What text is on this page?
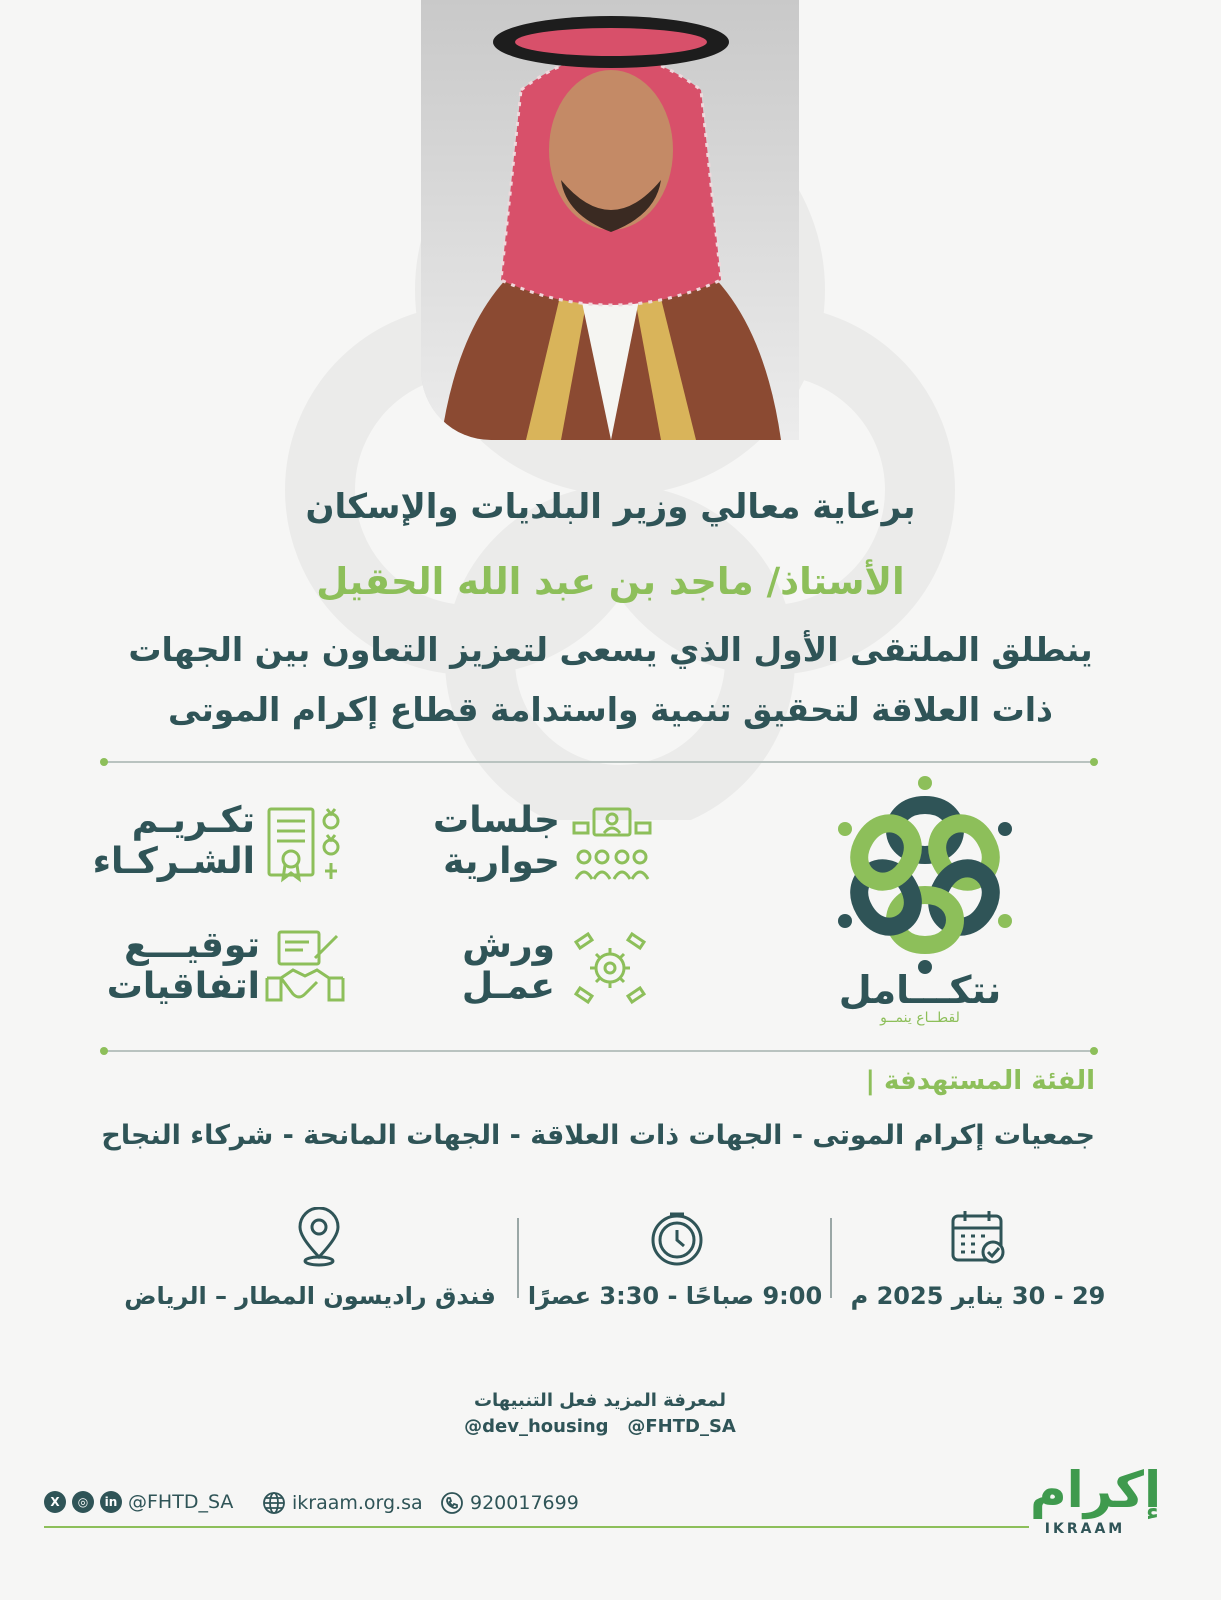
برعاية معالي وزير البلديات والإسكان
الأستاذ/ ماجد بن عبد الله الحقيل
ينطلق الملتقى الأول الذي يسعى لتعزيز التعاون بين الجهات
ذات العلاقة لتحقيق تنمية واستدامة قطاع إكرام الموتى
نتكـــامل
لقطــاع ينمــو
جلسات
حوارية
تكـريـم
الشـركـاء
ورش
عمـل
توقيـــع
اتفاقيات
الفئة المستهدفة |
جمعيات إكرام الموتى - الجهات ذات العلاقة - الجهات المانحة - شركاء النجاح
29 - 30 يناير 2025 م
9:00 صباحًا - 3:30 عصرًا
فندق راديسون المطار – الرياض
لمعرفة المزيد فعل التنبيهات
@dev_housing   @FHTD_SA
X	◎	in @FHTD_SA	ikraam.org.sa 920017699	إكرام
IKRAAM
